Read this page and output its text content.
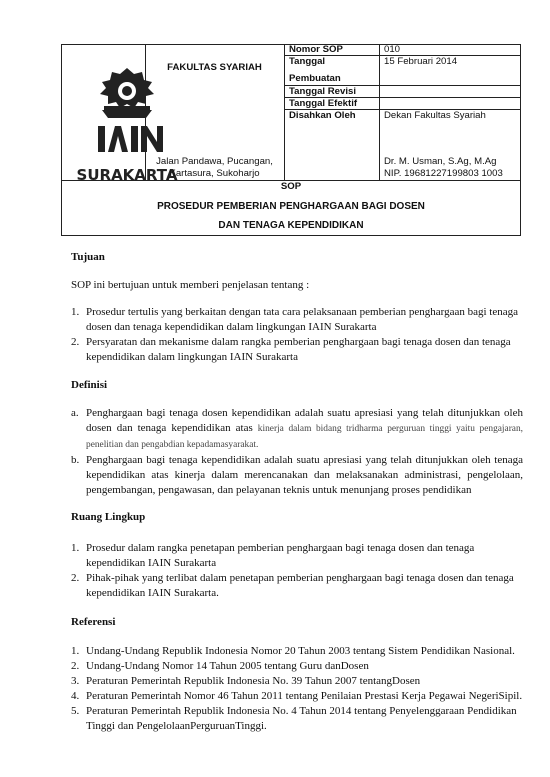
SURAKARTA
FAKULTAS SYARIAH
Jalan Pandawa, Pucangan,
Kartasura, Sukoharjo
Nomor SOP	010
Tanggal
Pembuatan
15 Februari 2014
Tanggal Revisi
Tanggal Efektif
Disahkan Oleh	Dekan Fakultas Syariah
Dr. M. Usman, S.Ag, M.Ag
NIP. 19681227199803 1003
SOP
PROSEDUR PEMBERIAN PENGHARGAAN BAGI DOSEN
DAN TENAGA KEPENDIDIKAN
Tujuan
SOP ini bertujuan untuk memberi penjelasan tentang :
1. Prosedur tertulis yang berkaitan dengan tata cara pelaksanaan pemberian penghargaan bagi tenaga dosen dan tenaga kependidikan dalam lingkungan IAIN Surakarta
2. Persyaratan dan mekanisme dalam rangka pemberian penghargaan bagi tenaga dosen dan tenaga kependidikan dalam lingkungan IAIN Surakarta
Definisi
a. Penghargaan bagi tenaga dosen kependidikan adalah suatu apresiasi yang telah ditunjukkan oleh dosen dan tenaga kependidikan atas kinerja dalam bidang tridharma perguruan tinggi yaitu pengajaran, penelitian dan pengabdian kepadamasyarakat.
b. Penghargaan bagi tenaga kependidikan adalah suatu apresiasi yang telah ditunjukkan oleh tenaga kependidikan atas kinerja dalam merencanakan dan melaksanakan administrasi, pengelolaan, pengembangan, pengawasan, dan pelayanan teknis untuk menunjang proses pendidikan
Ruang Lingkup
1. Prosedur dalam rangka penetapan pemberian penghargaan bagi tenaga dosen dan tenaga kependidikan IAIN Surakarta
2. Pihak-pihak yang terlibat dalam penetapan pemberian penghargaan bagi tenaga dosen dan tenaga kependidikan IAIN Surakarta.
Referensi
1. Undang-Undang Republik Indonesia Nomor 20 Tahun 2003 tentang Sistem Pendidikan Nasional.
2. Undang-Undang Nomor 14 Tahun 2005 tentang Guru danDosen
3. Peraturan Pemerintah Republik Indonesia No. 39 Tahun 2007 tentangDosen
4. Peraturan Pemerintah Nomor 46 Tahun 2011 tentang Penilaian Prestasi Kerja Pegawai NegeriSipil.
5. Peraturan Pemerintah Republik Indonesia No. 4 Tahun 2014 tentang Penyelenggaraan Pendidikan Tinggi dan PengelolaanPerguruanTinggi.
